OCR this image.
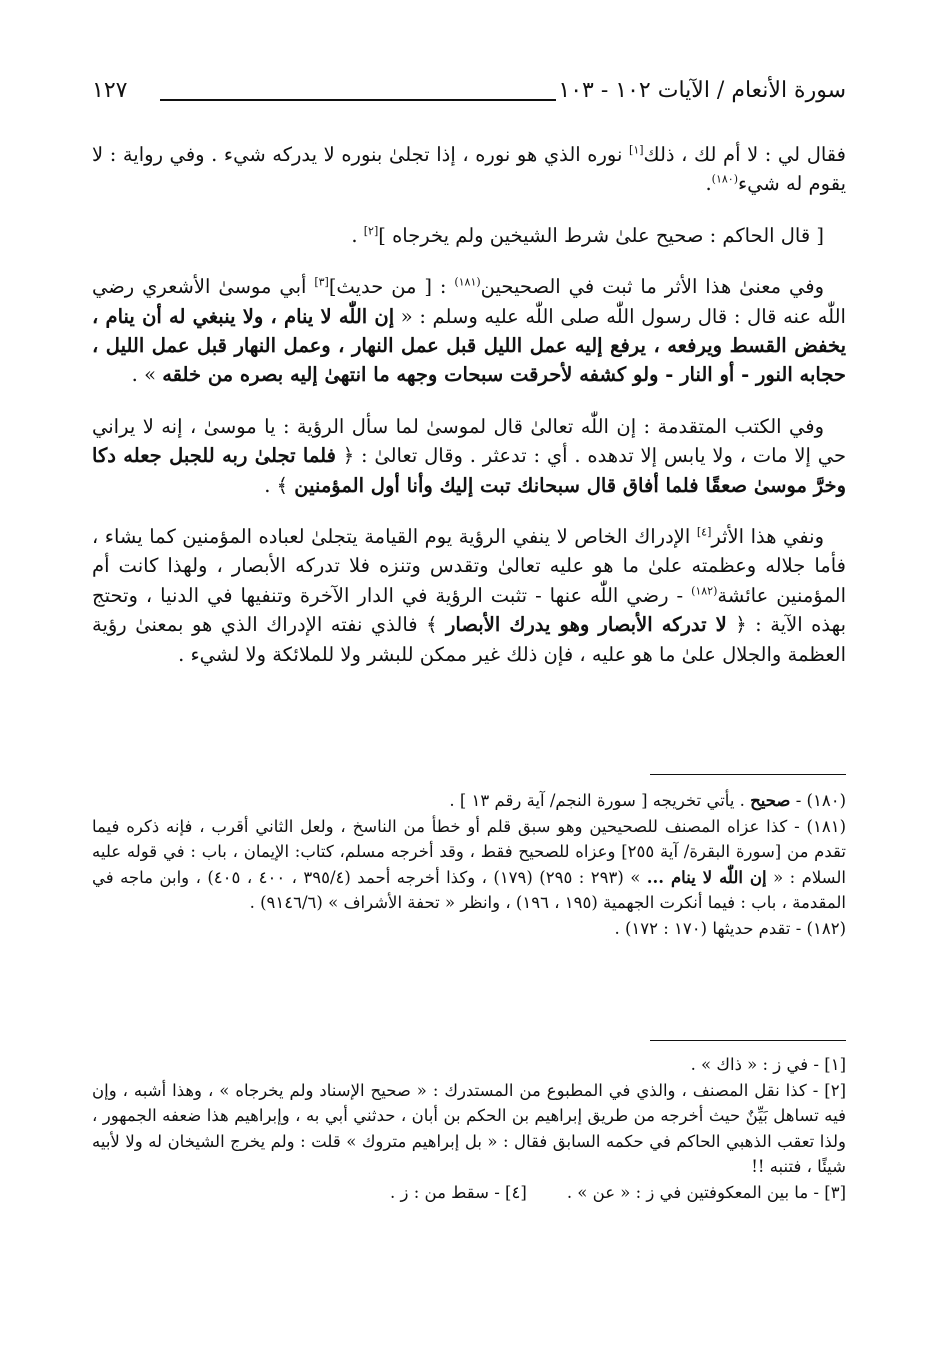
سورة الأنعام / الآيات ١٠٢ - ١٠٣
١٢٧

فقال لي : لا أم لك ، ذلك[١] نوره الذي هو نوره ، إذا تجلىٰ بنوره لا يدركه شيء . وفي رواية : لا يقوم له شيء$^{(١٨٠)}$.

[ قال الحاكم : صحيح علىٰ شرط الشيخين ولم يخرجاه ][٢] .

وفي معنىٰ هذا الأثر ما ثبت في الصحيحين$^{(١٨١)}$ : [ من حديث][٣] أبي موسىٰ الأشعري رضي اللّٰه عنه قال : قال رسول اللّٰه صلى اللّٰه عليه وسلم : « إن اللّٰه لا ينام ، ولا ينبغي له أن ينام ، يخفض القسط ويرفعه ، يرفع إليه عمل الليل قبل عمل النهار ، وعمل النهار قبل عمل الليل ، حجابه النور - أو النار - ولو كشفه لأحرقت سبحات وجهه ما انتهىٰ إليه بصره من خلقه » .

وفي الكتب المتقدمة : إن اللّٰه تعالىٰ قال لموسىٰ لما سأل الرؤية : يا موسىٰ ، إنه لا يراني حي إلا مات ، ولا يابس إلا تدهده . أي : تدعثر . وقال تعالىٰ : ﴿ فلما تجلىٰ ربه للجبل جعله دكا وخرَّ موسىٰ صعقًا فلما أفاق قال سبحانك تبت إليك وأنا أول المؤمنين ﴾ .

ونفي هذا الأثر[٤] الإدراك الخاص لا ينفي الرؤية يوم القيامة يتجلىٰ لعباده المؤمنين كما يشاء ، فأما جلاله وعظمته علىٰ ما هو عليه تعالىٰ وتقدس وتنزه فلا تدركه الأبصار ، ولهذا كانت أم المؤمنين عائشة$^{(١٨٢)}$ - رضي اللّٰه عنها - تثبت الرؤية في الدار الآخرة وتنفيها في الدنيا ، وتحتج بهذه الآية : ﴿ لا تدركه الأبصار وهو يدرك الأبصار ﴾ فالذي نفته الإدراك الذي هو بمعنىٰ رؤية العظمة والجلال علىٰ ما هو عليه ، فإن ذلك غير ممكن للبشر ولا للملائكة ولا لشيء .

(١٨٠) - صحيح . يأتي تخريجه [ سورة النجم/ آية رقم ١٣ ] .

(١٨١) - كذا عزاه المصنف للصحيحين وهو سبق قلم أو خطأ من الناسخ ، ولعل الثاني أقرب ، فإنه ذكره فيما تقدم من [سورة البقرة/ آية ٢٥٥] وعزاه للصحيح فقط ، وقد أخرجه مسلم، كتاب: الإيمان ، باب : في قوله عليه السلام : « إن اللّٰه لا ينام ... » (٢٩٣ : ٢٩٥) (١٧٩) ، وكذا أخرجه أحمد (٣٩٥/٤ ، ٤٠٠ ، ٤٠٥) ، وابن ماجه في المقدمة ، باب : فيما أنكرت الجهمية (١٩٥ ، ١٩٦) ، وانظر « تحفة الأشراف » (٩١٤٦/٦) .

(١٨٢) - تقدم حديثها (١٧٠ : ١٧٢) .

[١] - في ز : « ذاك » .

[٢] - كذا نقل المصنف ، والذي في المطبوع من المستدرك : « صحيح الإسناد ولم يخرجاه » ، وهذا أشبه ، وإن فيه تساهل بَيِّنٌ حيث أخرجه من طريق إبراهيم بن الحكم بن أبان ، حدثني أبي به ، وإبراهيم هذا ضعفه الجمهور ، ولذا تعقب الذهبي الحاكم في حكمه السابق فقال : « بل إبراهيم متروك » قلت : ولم يخرج الشيخان له ولا لأبيه شيئًا ، فتنبه !!

[٣] - ما بين المعكوفتين في ز : « عن » .[٤] - سقط من : ز .
